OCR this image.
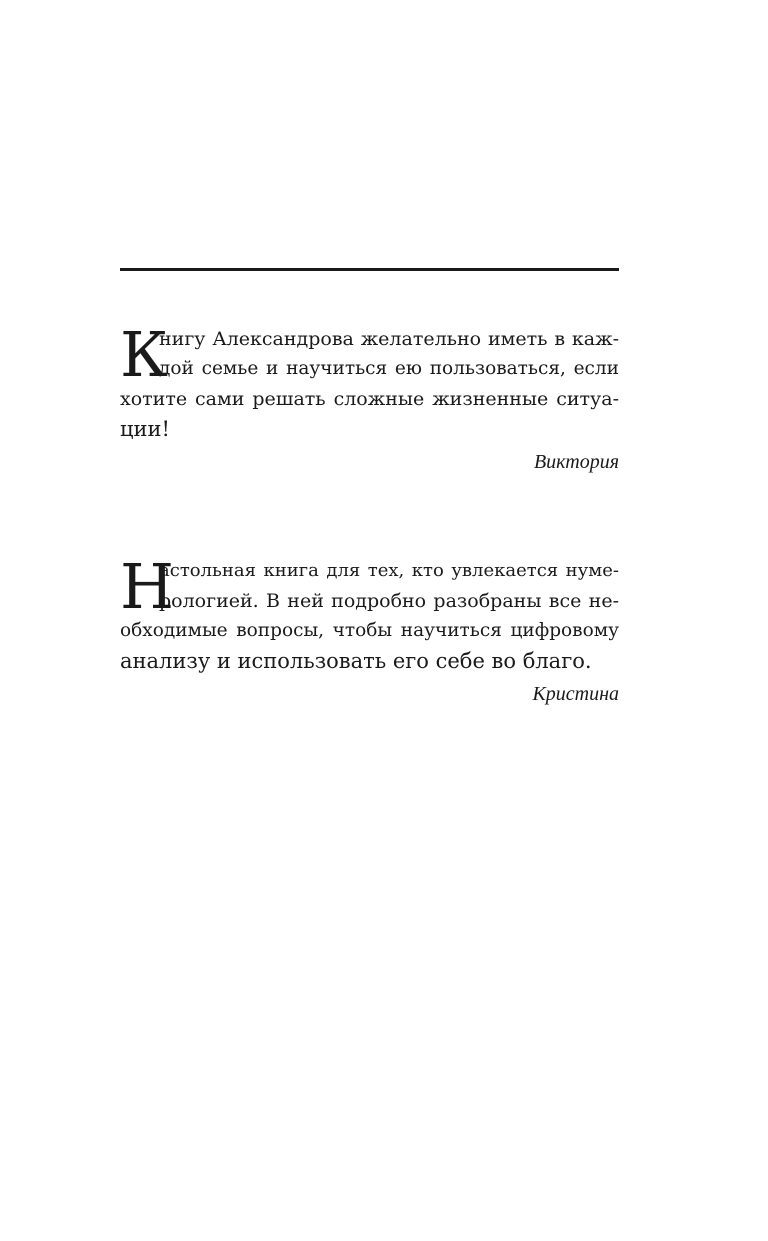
К
нигу Александрова желательно иметь в каж-
дой семье и научиться ею пользоваться, если
хотите сами решать сложные жизненные ситуа-
ции!
Виктория
Н
астольная книга для тех, кто увлекается нуме-
рологией. В ней подробно разобраны все не-
обходимые вопросы, чтобы научиться цифровому
анализу и использовать его себе во благо.
Кристина
